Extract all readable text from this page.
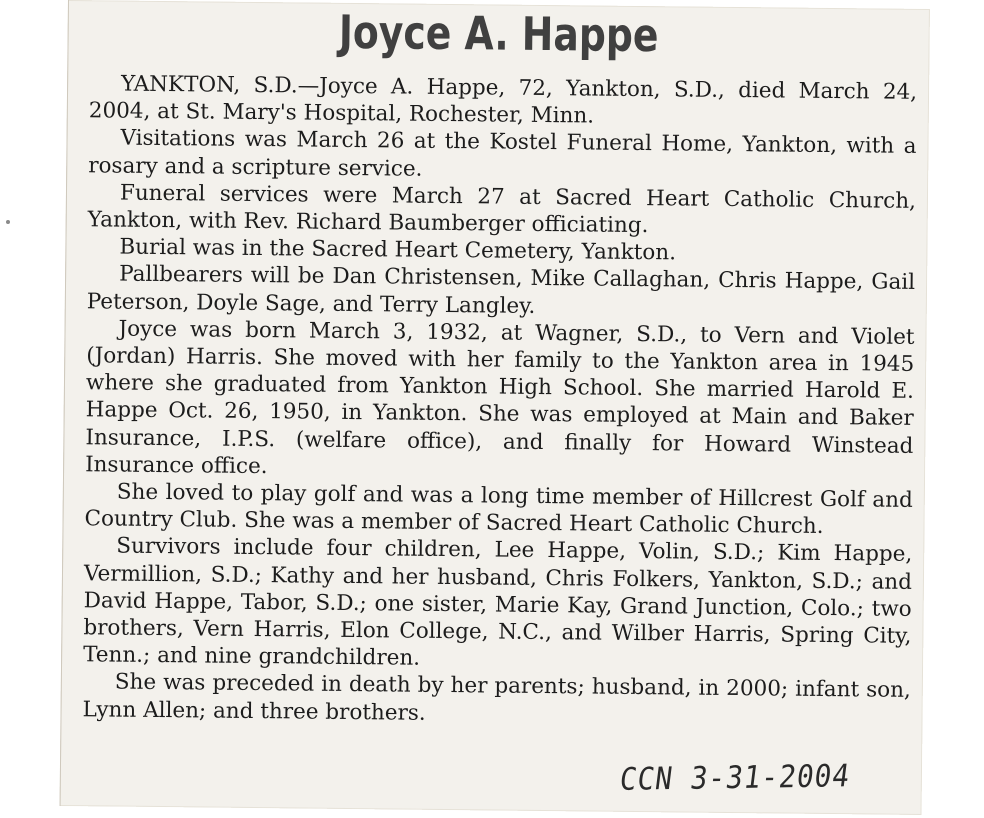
Joyce A. Happe

YANKTON, S.D.—Joyce A. Happe, 72, Yankton, S.D., died March 24, 2004, at St. Mary's Hospital, Rochester, Minn.

Visitations was March 26 at the Kostel Funeral Home, Yankton, with a rosary and a scripture service.

Funeral services were March 27 at Sacred Heart Catholic Church, Yankton, with Rev. Richard Baumberger officiating.

Burial was in the Sacred Heart Cemetery, Yankton.

Pallbearers will be Dan Christensen, Mike Callaghan, Chris Happe, Gail Peterson, Doyle Sage, and Terry Langley.

Joyce was born March 3, 1932, at Wagner, S.D., to Vern and Violet (Jordan) Harris. She moved with her family to the Yankton area in 1945 where she graduated from Yankton High School. She married Harold E. Happe Oct. 26, 1950, in Yankton. She was employed at Main and Baker Insurance, I.P.S. (welfare office), and finally for Howard Winstead Insurance office.

She loved to play golf and was a long time member of Hillcrest Golf and Country Club. She was a member of Sacred Heart Catholic Church.

Survivors include four children, Lee Happe, Volin, S.D.; Kim Happe, Vermillion, S.D.; Kathy and her husband, Chris Folkers, Yankton, S.D.; and David Happe, Tabor, S.D.; one sister, Marie Kay, Grand Junction, Colo.; two brothers, Vern Harris, Elon College, N.C., and Wilber Harris, Spring City, Tenn.; and nine grandchildren.

She was preceded in death by her parents; husband, in 2000; infant son, Lynn Allen; and three brothers.

CCN 3-31-2004
